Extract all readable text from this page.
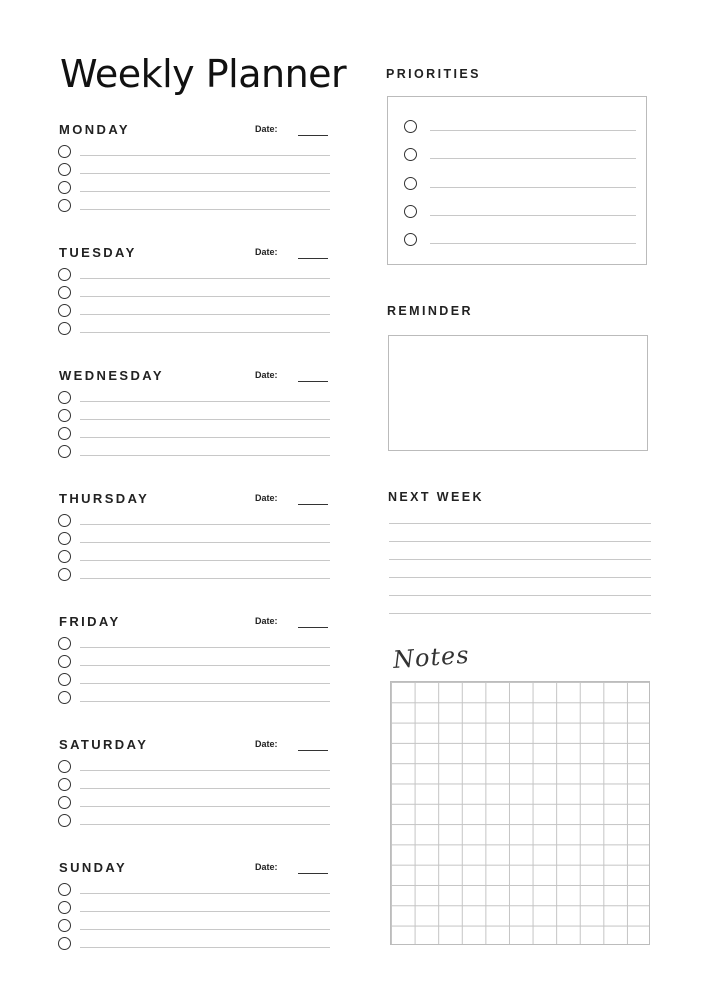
Weekly Planner
MONDAY	Date:
TUESDAY	Date:
WEDNESDAY	Date:
THURSDAY	Date:
FRIDAY	Date:
SATURDAY	Date:
SUNDAY	Date:
PRIORITIES
REMINDER
NEXT WEEK
Notes
